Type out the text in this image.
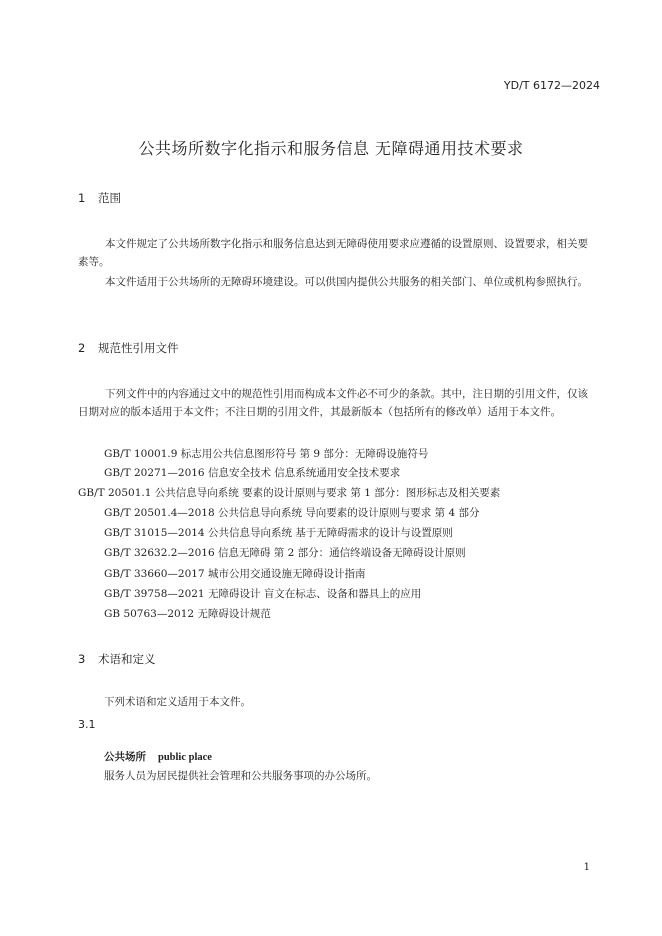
YD/T 6172—2024
公共场所数字化指示和服务信息 无障碍通用技术要求
1 范围
本文件规定了公共场所数字化指示和服务信息达到无障碍使用要求应遵循的设置原则、设置要求，相关要素等。
本文件适用于公共场所的无障碍环境建设。可以供国内提供公共服务的相关部门、单位或机构参照执行。
2 规范性引用文件
下列文件中的内容通过文中的规范性引用而构成本文件必不可少的条款。其中，注日期的引用文件，仅该日期对应的版本适用于本文件；不注日期的引用文件，其最新版本（包括所有的修改单）适用于本文件。
GB/T 10001.9 标志用公共信息图形符号 第 9 部分：无障碍设施符号
GB/T 20271—2016 信息安全技术 信息系统通用安全技术要求
GB/T 20501.1 公共信息导向系统 要素的设计原则与要求 第 1 部分：图形标志及相关要素
GB/T 20501.4—2018 公共信息导向系统 导向要素的设计原则与要求 第 4 部分
GB/T 31015—2014 公共信息导向系统 基于无障碍需求的设计与设置原则
GB/T 32632.2—2016 信息无障碍 第 2 部分：通信终端设备无障碍设计原则
GB/T 33660—2017 城市公用交通设施无障碍设计指南
GB/T 39758—2021 无障碍设计 盲文在标志、设备和器具上的应用
GB 50763—2012 无障碍设计规范
3 术语和定义
下列术语和定义适用于本文件。
3.1
公共场所 public place
服务人员为居民提供社会管理和公共服务事项的办公场所。
1
